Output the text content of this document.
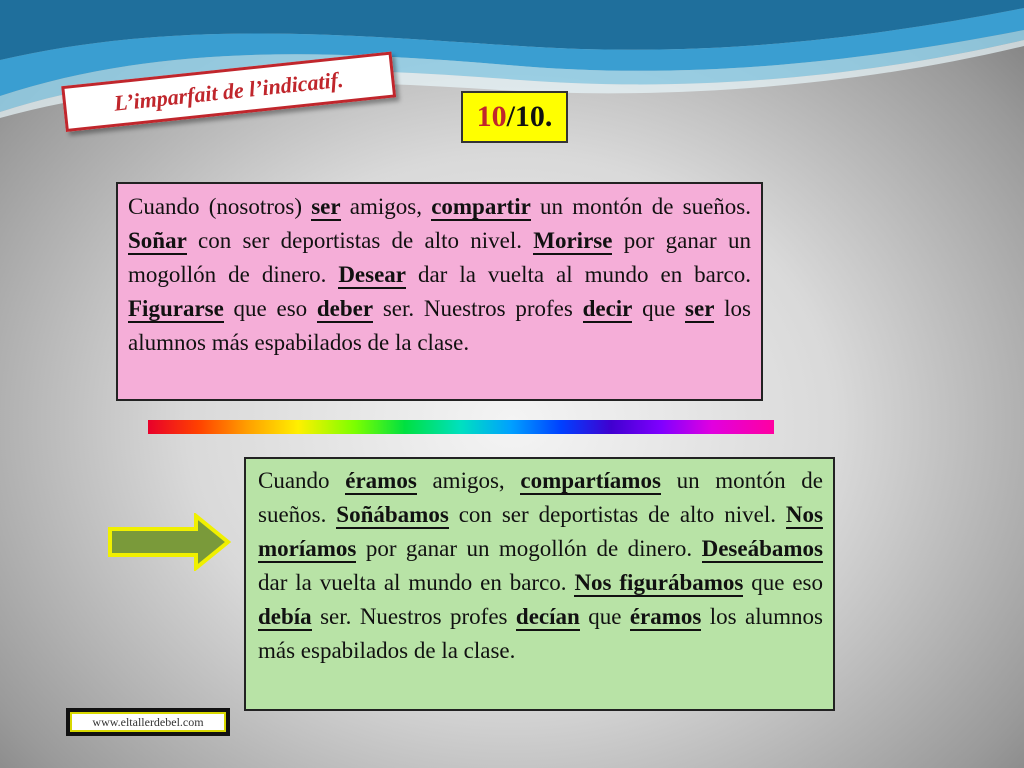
L’imparfait de l’indicatif.
10 /10.
Cuando (nosotros) ser amigos, compartir un montón de sueños. Soñar con ser deportistas de alto nivel. Morirse por ganar un mogollón de dinero. Desear dar la vuelta al mundo en barco. Figurarse que eso deber ser. Nuestros profes decir que ser los alumnos más espabilados de la clase.
Cuando éramos amigos, compartíamos un montón de sueños. Soñábamos con ser deportistas de alto nivel. Nos moríamos por ganar un mogollón de dinero. Deseábamos dar la vuelta al mundo en barco. Nos figurábamos que eso debía ser. Nuestros profes decían que éramos los alumnos más espabilados de la clase.
www.eltallerdebel.com
